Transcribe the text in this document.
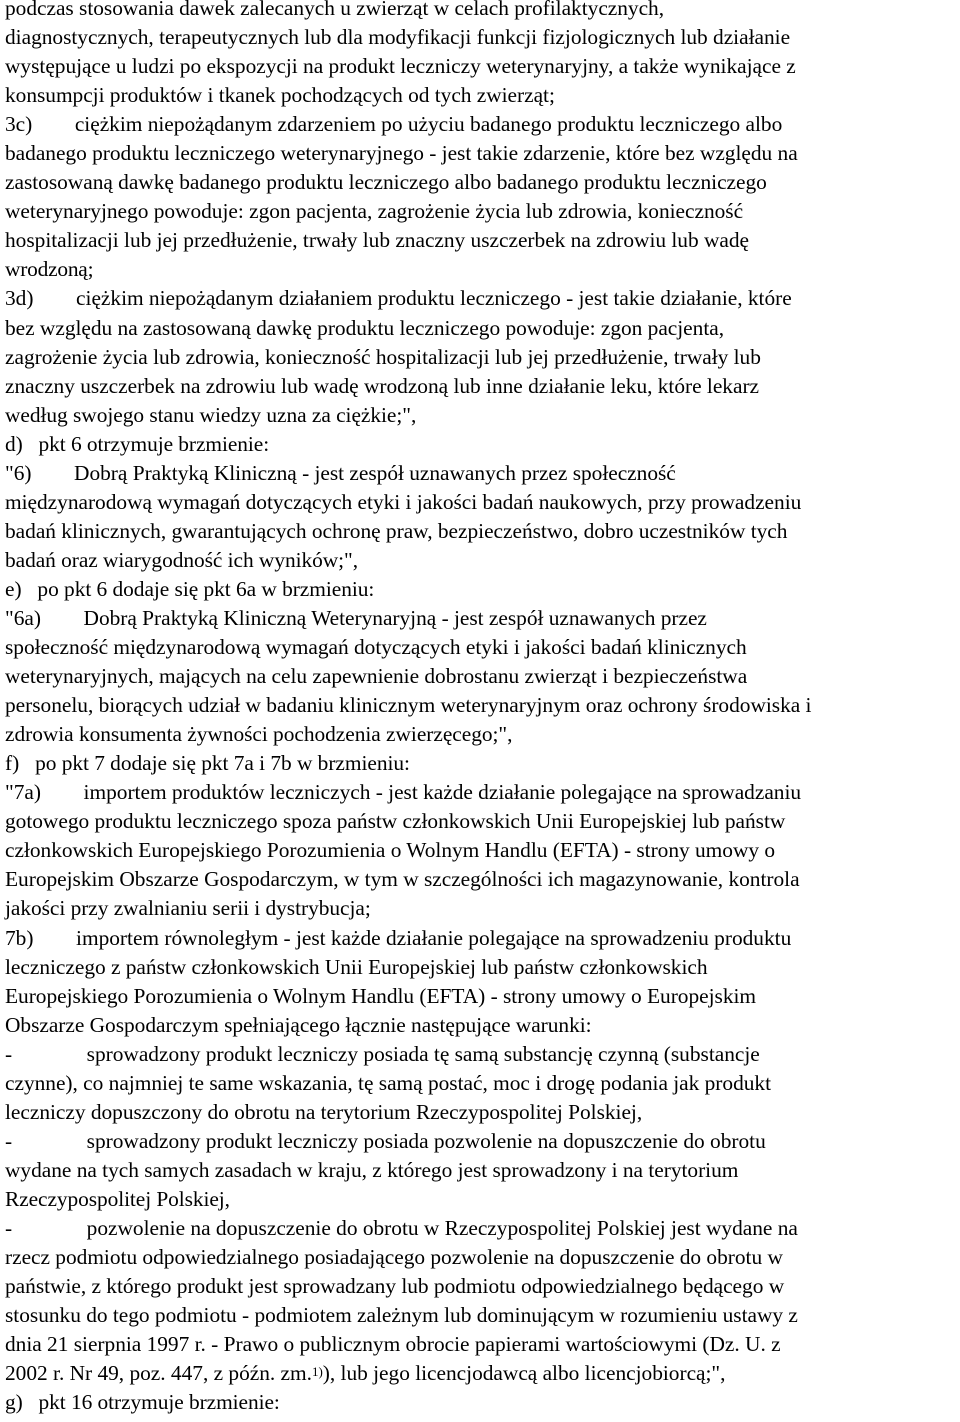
podczas stosowania dawek zalecanych u zwierząt w celach profilaktycznych,
diagnostycznych, terapeutycznych lub dla modyfikacji funkcji fizjologicznych lub działanie
występujące u ludzi po ekspozycji na produkt leczniczy weterynaryjny, a także wynikające z
konsumpcji produktów i tkanek pochodzących od tych zwierząt;
3c)        ciężkim niepożądanym zdarzeniem po użyciu badanego produktu leczniczego albo
badanego produktu leczniczego weterynaryjnego - jest takie zdarzenie, które bez względu na
zastosowaną dawkę badanego produktu leczniczego albo badanego produktu leczniczego
weterynaryjnego powoduje: zgon pacjenta, zagrożenie życia lub zdrowia, konieczność
hospitalizacji lub jej przedłużenie, trwały lub znaczny uszczerbek na zdrowiu lub wadę
wrodzoną;
3d)        ciężkim niepożądanym działaniem produktu leczniczego - jest takie działanie, które
bez względu na zastosowaną dawkę produktu leczniczego powoduje: zgon pacjenta,
zagrożenie życia lub zdrowia, konieczność hospitalizacji lub jej przedłużenie, trwały lub
znaczny uszczerbek na zdrowiu lub wadę wrodzoną lub inne działanie leku, które lekarz
według swojego stanu wiedzy uzna za ciężkie;",
d)   pkt 6 otrzymuje brzmienie:
"6)        Dobrą Praktyką Kliniczną - jest zespół uznawanych przez społeczność
międzynarodową wymagań dotyczących etyki i jakości badań naukowych, przy prowadzeniu
badań klinicznych, gwarantujących ochronę praw, bezpieczeństwo, dobro uczestników tych
badań oraz wiarygodność ich wyników;",
e)   po pkt 6 dodaje się pkt 6a w brzmieniu:
"6a)        Dobrą Praktyką Kliniczną Weterynaryjną - jest zespół uznawanych przez
społeczność międzynarodową wymagań dotyczących etyki i jakości badań klinicznych
weterynaryjnych, mających na celu zapewnienie dobrostanu zwierząt i bezpieczeństwa
personelu, biorących udział w badaniu klinicznym weterynaryjnym oraz ochrony środowiska i
zdrowia konsumenta żywności pochodzenia zwierzęcego;",
f)   po pkt 7 dodaje się pkt 7a i 7b w brzmieniu:
"7a)        importem produktów leczniczych - jest każde działanie polegające na sprowadzaniu
gotowego produktu leczniczego spoza państw członkowskich Unii Europejskiej lub państw
członkowskich Europejskiego Porozumienia o Wolnym Handlu (EFTA) - strony umowy o
Europejskim Obszarze Gospodarczym, w tym w szczególności ich magazynowanie, kontrola
jakości przy zwalnianiu serii i dystrybucja;
7b)        importem równoległym - jest każde działanie polegające na sprowadzeniu produktu
leczniczego z państw członkowskich Unii Europejskiej lub państw członkowskich
Europejskiego Porozumienia o Wolnym Handlu (EFTA) - strony umowy o Europejskim
Obszarze Gospodarczym spełniającego łącznie następujące warunki:
-              sprowadzony produkt leczniczy posiada tę samą substancję czynną (substancje
czynne), co najmniej te same wskazania, tę samą postać, moc i drogę podania jak produkt
leczniczy dopuszczony do obrotu na terytorium Rzeczypospolitej Polskiej,
-              sprowadzony produkt leczniczy posiada pozwolenie na dopuszczenie do obrotu
wydane na tych samych zasadach w kraju, z którego jest sprowadzony i na terytorium
Rzeczypospolitej Polskiej,
-              pozwolenie na dopuszczenie do obrotu w Rzeczypospolitej Polskiej jest wydane na
rzecz podmiotu odpowiedzialnego posiadającego pozwolenie na dopuszczenie do obrotu w
państwie, z którego produkt jest sprowadzany lub podmiotu odpowiedzialnego będącego w
stosunku do tego podmiotu - podmiotem zależnym lub dominującym w rozumieniu ustawy z
dnia 21 sierpnia 1997 r. - Prawo o publicznym obrocie papierami wartościowymi (Dz. U. z
2002 r. Nr 49, poz. 447, z późn. zm.$^{1)}$), lub jego licencjodawcą albo licencjobiorcą;",
g)   pkt 16 otrzymuje brzmienie:
